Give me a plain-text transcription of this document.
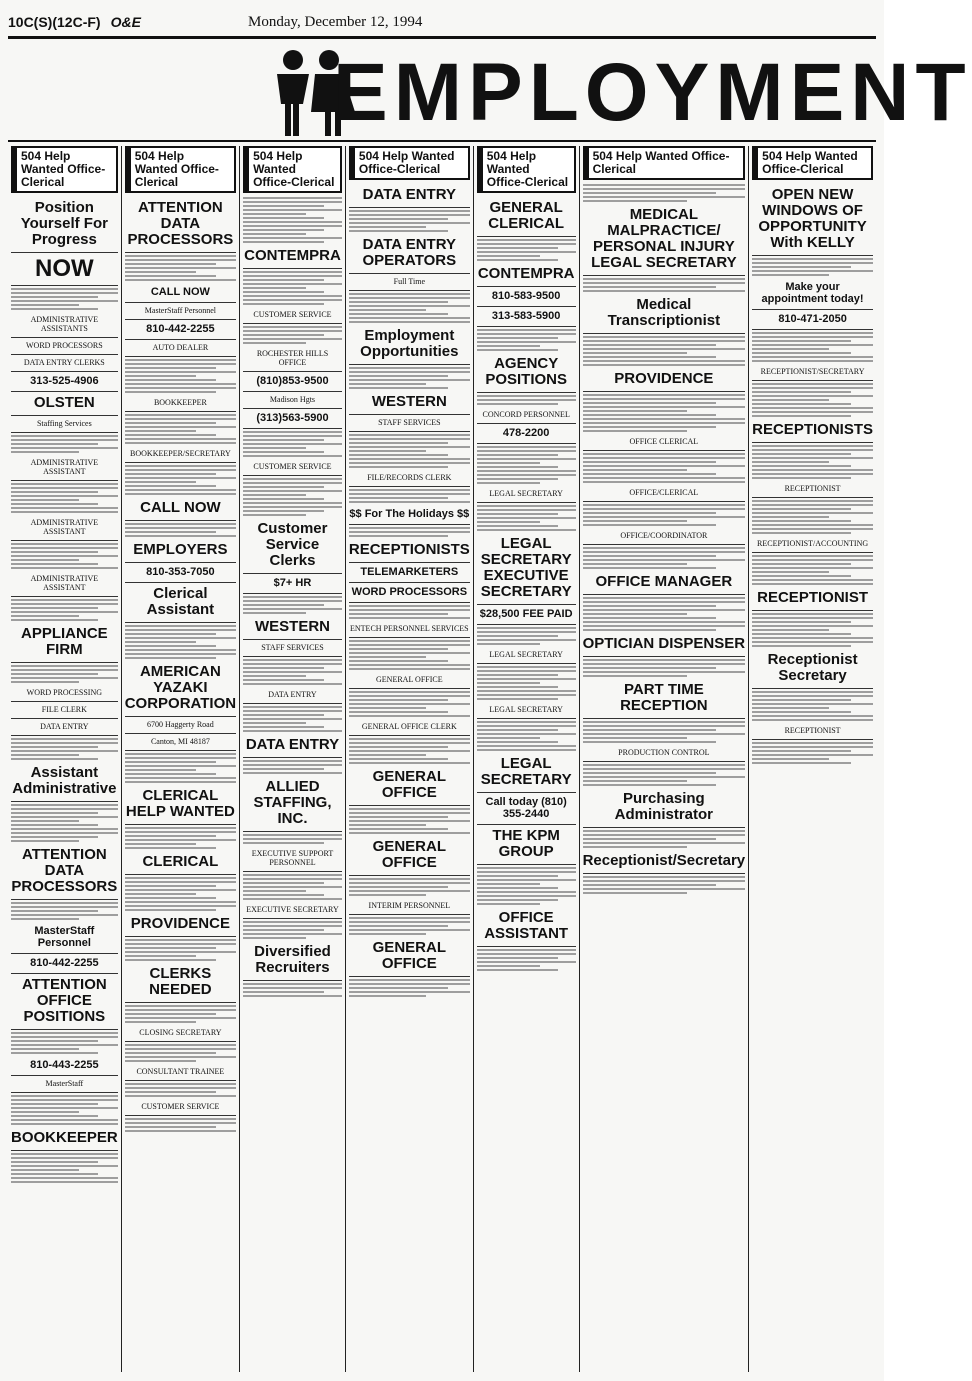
10C(S)(12C-F) O&E	Monday, December 12, 1994
EMPLOYMENT
504 Help Wanted Office-Clerical
Position Yourself For Progress
NOW
ADMINISTRATIVE ASSISTANTS
WORD PROCESSORS
DATA ENTRY CLERKS
313-525-4906
OLSTEN
Staffing Services
ADMINISTRATIVE ASSISTANT
ADMINISTRATIVE ASSISTANT
ADMINISTRATIVE ASSISTANT
APPLIANCE FIRM
WORD PROCESSING
FILE CLERK
DATA ENTRY
Assistant Administrative
ATTENTION DATA PROCESSORS
MasterStaff Personnel
810-442-2255
ATTENTION OFFICE POSITIONS
810-443-2255
MasterStaff
BOOKKEEPER
504 Help Wanted Office-Clerical
ATTENTION DATA PROCESSORS
CALL NOW
MasterStaff Personnel
810-442-2255
AUTO DEALER
BOOKKEEPER
BOOKKEEPER/SECRETARY
CALL NOW
EMPLOYERS
810-353-7050
Clerical Assistant
AMERICAN YAZAKI CORPORATION
6700 Haggerty Road
Canton, MI 48187
CLERICAL HELP WANTED
CLERICAL
PROVIDENCE
CLERKS NEEDED
CLOSING SECRETARY
CONSULTANT TRAINEE
CUSTOMER SERVICE
504 Help Wanted Office-Clerical
CONTEMPRA
CUSTOMER SERVICE
ROCHESTER HILLS OFFICE
(810)853-9500
Madison Hgts
(313)563-5900
CUSTOMER SERVICE
Customer Service Clerks
$7+ HR
WESTERN
STAFF SERVICES
DATA ENTRY
DATA ENTRY
ALLIED STAFFING, INC.
EXECUTIVE SUPPORT PERSONNEL
EXECUTIVE SECRETARY
Diversified Recruiters
504 Help Wanted Office-Clerical
DATA ENTRY
DATA ENTRY OPERATORS
Full Time
Employment Opportunities
WESTERN
STAFF SERVICES
FILE/RECORDS CLERK
$$ For The Holidays $$
RECEPTIONISTS
TELEMARKETERS
WORD PROCESSORS
ENTECH PERSONNEL SERVICES
GENERAL OFFICE
GENERAL OFFICE CLERK
GENERAL OFFICE
GENERAL OFFICE
INTERIM PERSONNEL
GENERAL OFFICE
504 Help Wanted Office-Clerical
GENERAL CLERICAL
CONTEMPRA
810-583-9500
313-583-5900
AGENCY POSITIONS
CONCORD PERSONNEL
478-2200
LEGAL SECRETARY
LEGAL SECRETARY EXECUTIVE SECRETARY
$28,500 FEE PAID
LEGAL SECRETARY
LEGAL SECRETARY
LEGAL SECRETARY
Call today (810) 355-2440
THE KPM GROUP
OFFICE ASSISTANT
504 Help Wanted Office-Clerical
MEDICAL MALPRACTICE/ PERSONAL INJURY LEGAL SECRETARY
Medical Transcriptionist
PROVIDENCE
OFFICE CLERICAL
OFFICE/CLERICAL
OFFICE/COORDINATOR
OFFICE MANAGER
OPTICIAN DISPENSER
PART TIME RECEPTION
PRODUCTION CONTROL
Purchasing Administrator
Receptionist/Secretary
504 Help Wanted Office-Clerical
OPEN NEW WINDOWS OF OPPORTUNITY With KELLY
Make your appointment today!
810-471-2050
RECEPTIONIST/SECRETARY
RECEPTIONISTS
RECEPTIONIST
RECEPTIONIST/ACCOUNTING
RECEPTIONIST
Receptionist Secretary
RECEPTIONIST
